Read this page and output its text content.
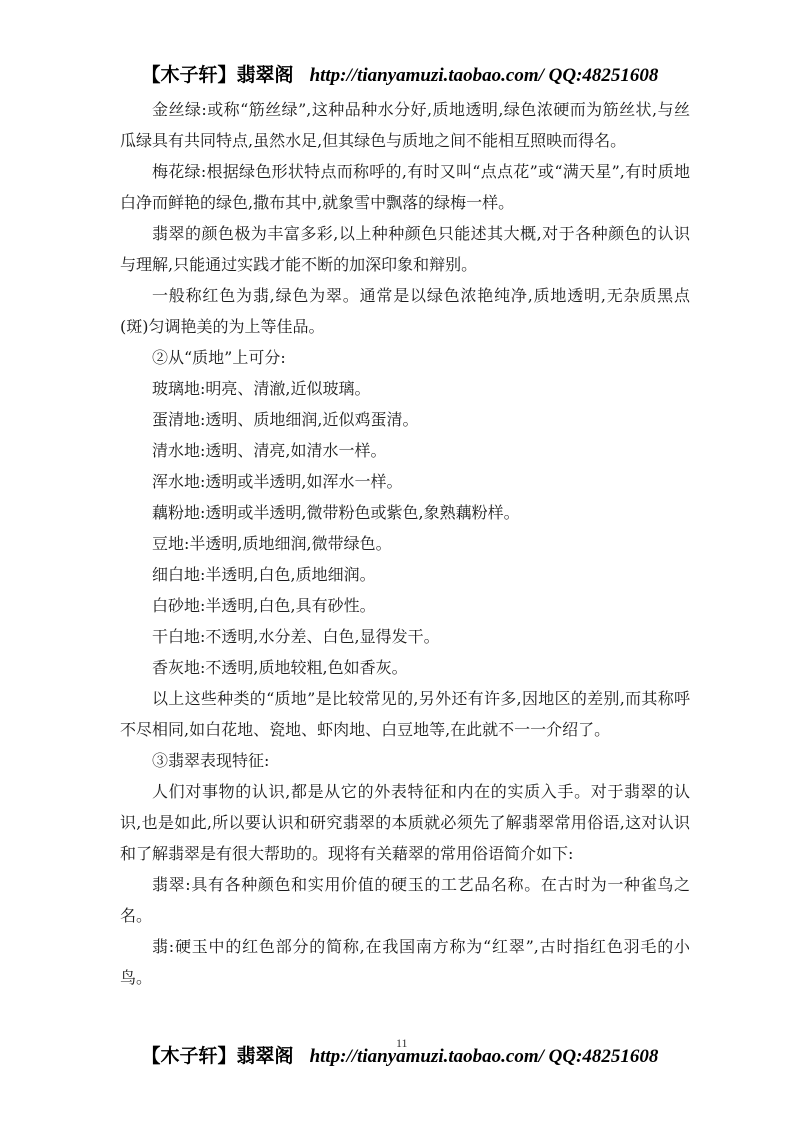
【木子轩】翡翠阁 http://tianyamuzi.taobao.com/ QQ:48251608

金丝绿:或称“筋丝绿”,这种品种水分好,质地透明,绿色浓硬而为筋丝状,与丝瓜绿具有共同特点,虽然水足,但其绿色与质地之间不能相互照映而得名。

梅花绿:根据绿色形状特点而称呼的,有时又叫“点点花”或“满天星”,有时质地白净而鲜艳的绿色,撒布其中,就象雪中飘落的绿梅一样。

翡翠的颜色极为丰富多彩,以上种种颜色只能述其大概,对于各种颜色的认识与理解,只能通过实践才能不断的加深印象和辩别。

一般称红色为翡,绿色为翠。通常是以绿色浓艳纯净,质地透明,无杂质黑点(斑)匀调艳美的为上等佳品。

②从“质地”上可分:

玻璃地:明亮、清澈,近似玻璃。

蛋清地:透明、质地细润,近似鸡蛋清。

清水地:透明、清亮,如清水一样。

浑水地:透明或半透明,如浑水一样。

藕粉地:透明或半透明,微带粉色或紫色,象熟藕粉样。

豆地:半透明,质地细润,微带绿色。

细白地:半透明,白色,质地细润。

白砂地:半透明,白色,具有砂性。

干白地:不透明,水分差、白色,显得发干。

香灰地:不透明,质地较粗,色如香灰。

以上这些种类的“质地”是比较常见的,另外还有许多,因地区的差别,而其称呼不尽相同,如白花地、瓷地、虾肉地、白豆地等,在此就不一一介绍了。

③翡翠表现特征:

人们对事物的认识,都是从它的外表特征和内在的实质入手。对于翡翠的认识,也是如此,所以要认识和研究翡翠的本质就必须先了解翡翠常用俗语,这对认识和了解翡翠是有很大帮助的。现将有关藉翠的常用俗语简介如下:

翡翠:具有各种颜色和实用价值的硬玉的工艺品名称。在古时为一种雀鸟之名。

翡:硬玉中的红色部分的简称,在我国南方称为“红翠”,古时指红色羽毛的小鸟。

11
【木子轩】翡翠阁 http://tianyamuzi.taobao.com/ QQ:48251608
